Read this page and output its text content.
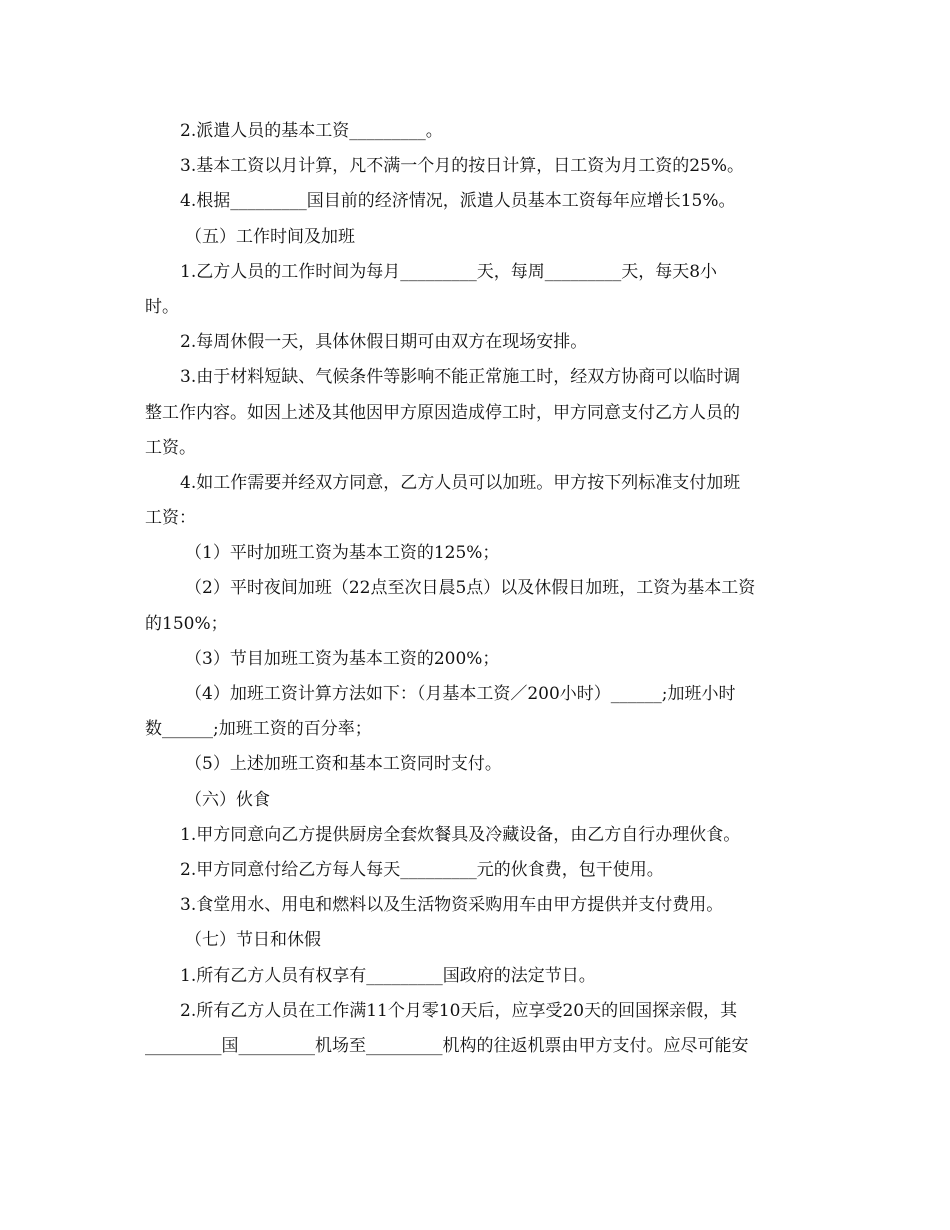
2.派遣人员的基本工资_________。
3.基本工资以月计算，凡不满一个月的按日计算，日工资为月工资的25%。
4.根据_________国目前的经济情况，派遣人员基本工资每年应增长15%。
（五）工作时间及加班
1.乙方人员的工作时间为每月_________天，每周_________天，每天8小
时。
2.每周休假一天，具体休假日期可由双方在现场安排。
3.由于材料短缺、气候条件等影响不能正常施工时，经双方协商可以临时调
整工作内容。如因上述及其他因甲方原因造成停工时，甲方同意支付乙方人员的
工资。
4.如工作需要并经双方同意，乙方人员可以加班。甲方按下列标准支付加班
工资：
（1）平时加班工资为基本工资的125%；
（2）平时夜间加班（22点至次日晨5点）以及休假日加班，工资为基本工资
的150%；
（3）节目加班工资为基本工资的200%；
（4）加班工资计算方法如下：（月基本工资／200小时）______;加班小时
数______;加班工资的百分率；
（5）上述加班工资和基本工资同时支付。
（六）伙食
1.甲方同意向乙方提供厨房全套炊餐具及冷藏设备，由乙方自行办理伙食。
2.甲方同意付给乙方每人每天_________元的伙食费，包干使用。
3.食堂用水、用电和燃料以及生活物资采购用车由甲方提供并支付费用。
（七）节日和休假
1.所有乙方人员有权享有_________国政府的法定节日。
2.所有乙方人员在工作满11个月零10天后，应享受20天的回国探亲假，其
_________国_________机场至_________机构的往返机票由甲方支付。应尽可能安
